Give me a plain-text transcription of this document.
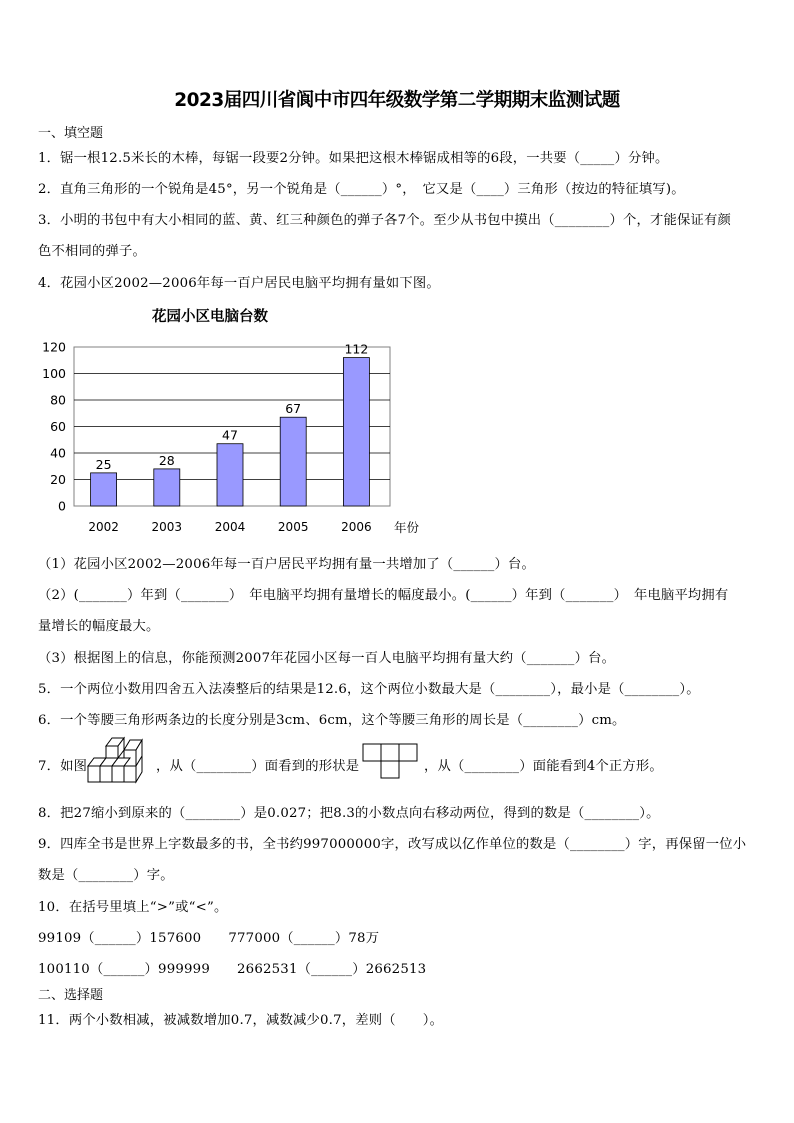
2023届四川省阆中市四年级数学第二学期期末监测试题
一、填空题
1．锯一根12.5米长的木棒，每锯一段要2分钟。如果把这根木棒锯成相等的6段，一共要（_____）分钟。
2．直角三角形的一个锐角是45°，另一个锐角是（______）°，　它又是（____）三角形（按边的特征填写)。
3．小明的书包中有大小相同的蓝、黄、红三种颜色的弹子各7个。至少从书包中摸出（________）个，才能保证有颜
色不相同的弹子。
4．花园小区2002—2006年每一百户居民电脑平均拥有量如下图。
花园小区电脑台数
0
20
40
60
80
100
120
25	28
47
67
112
2002	2003	2004	2005	2006 年份
（1）花园小区2002—2006年每一百户居民平均拥有量一共增加了（______）台。
（2）(_______）年到（_______）　年电脑平均拥有量增长的幅度最小。(______）年到（_______）　年电脑平均拥有
量增长的幅度最大。
（3）根据图上的信息，你能预测2007年花园小区每一百人电脑平均拥有量大约（_______）台。
5．一个两位小数用四舍五入法凑整后的结果是12.6，这个两位小数最大是（________），最小是（________）。
6．一个等腰三角形两条边的长度分别是3cm、6cm，这个等腰三角形的周长是（________）cm。
7．如图	，从（________）面看到的形状是	，从（________）面能看到4个正方形。
8．把27缩小到原来的（________）是0.027；把8.3的小数点向右移动两位，得到的数是（________）。
9．四库全书是世界上字数最多的书，全书约997000000字，改写成以亿作单位的数是（________）字，再保留一位小
数是（________）字。
10．在括号里填上“>”或“<”。
99109（______）157600　　777000（______）78万
100110（______）999999　　2662531（______）2662513
二、选择题
11．两个小数相减，被减数增加0.7，减数减少0.7，差则（　　）。
